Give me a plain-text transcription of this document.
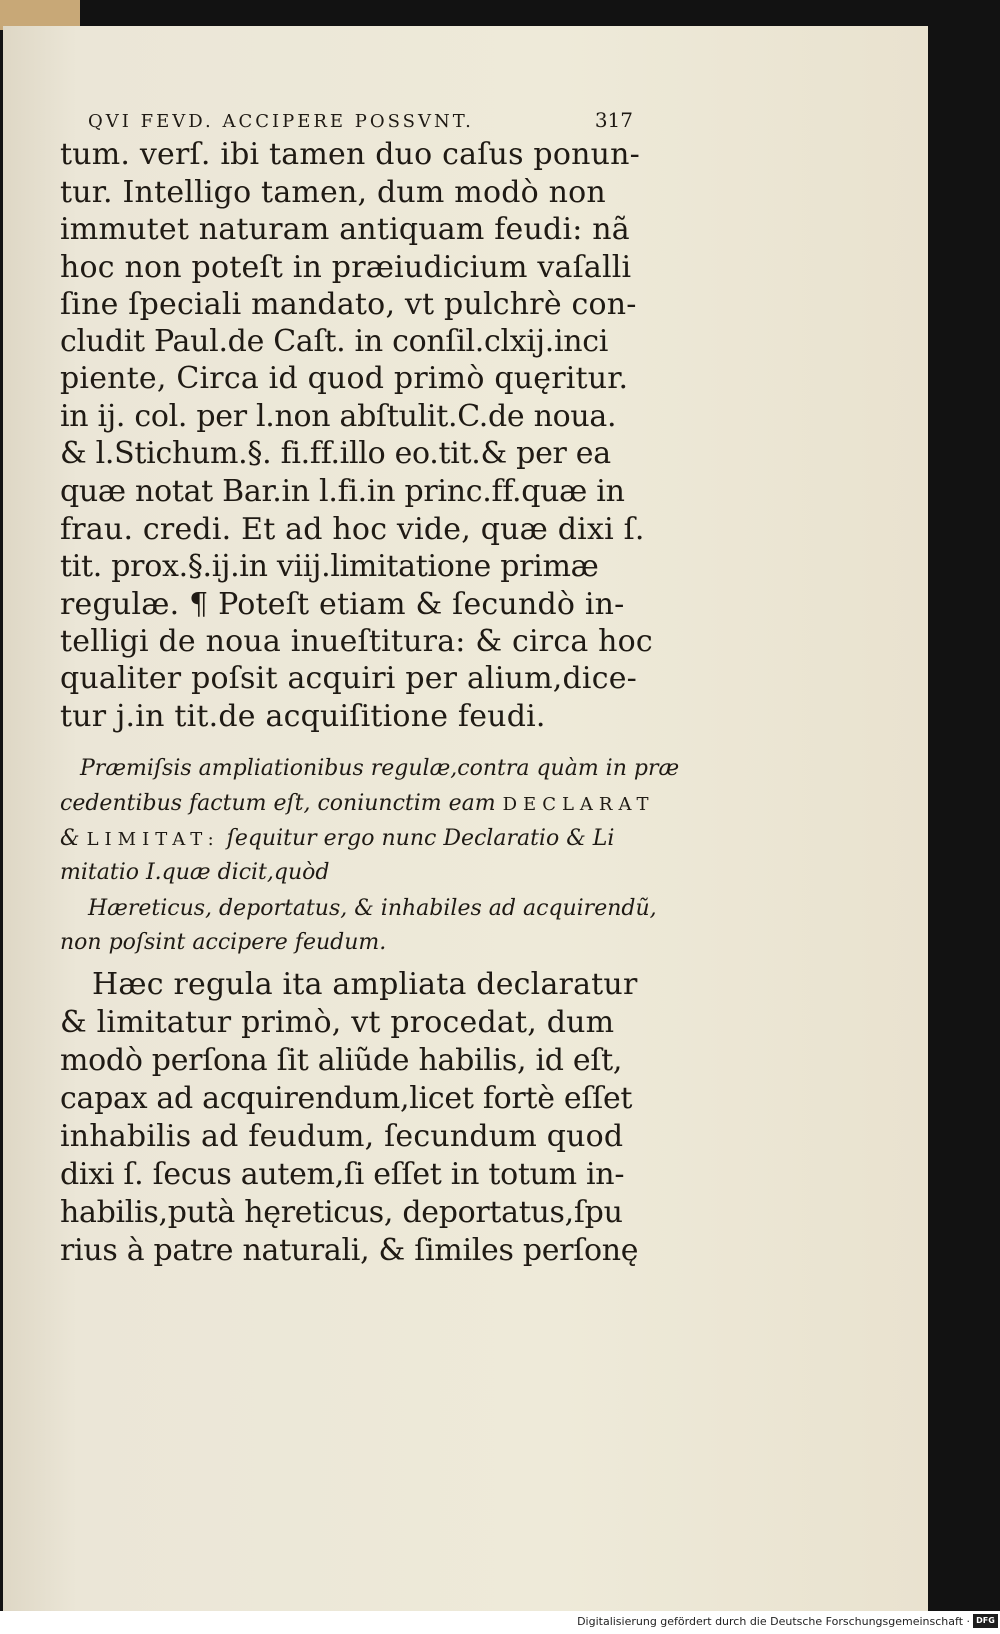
QVI FEVD. ACCIPERE POSSVNT.	317
tum. verſ. ibi tamen duo caſus ponun-
tur. Intelligo tamen, dum modò non
immutet naturam antiquam feudi: nã
hoc non poteſt in præiudicium vaſalli
ſine ſpeciali mandato, vt pulchrè con-
cludit Paul.de Caſt. in conſil.clxij.inci
piente, Circa id quod primò quęritur.
in ij. col. per l.non abſtulit.C.de noua.
& l.Stichum.§. fi.ff.illo eo.tit.& per ea
quæ notat Bar.in l.fi.in princ.ff.quæ in
frau. credi. Et ad hoc vide, quæ dixi ſ.
tit. prox.§.ij.in viij.limitatione primæ
regulæ. ¶ Poteſt etiam & ſecundò in-
telligi de noua inueſtitura: & circa hoc
qualiter poſsit acquiri per alium,dice-
tur j.in tit.de acquiſitione feudi.
Præmiſsis ampliationibus regulæ,contra quàm in præ
cedentibus factum eſt, coniunctim eam DECLARAT
& LIMITAT: ſequitur ergo nunc Declaratio & Li
mitatio I.quæ dicit,quòd
Hæreticus, deportatus, & inhabiles ad acquirendũ,
non poſsint accipere feudum.
Hæc regula ita ampliata declaratur
& limitatur primò, vt procedat, dum
modò perſona ſit aliũde habilis, id eſt,
capax ad acquirendum,licet fortè eſſet
inhabilis ad feudum, ſecundum quod
dixi ſ. ſecus autem,ſi eſſet in totum in-
habilis,putà hęreticus, deportatus,ſpu
rius à patre naturali, & ſimiles perſonę
Digitalisierung gefördert durch die Deutsche Forschungsgemeinschaft · DFG
